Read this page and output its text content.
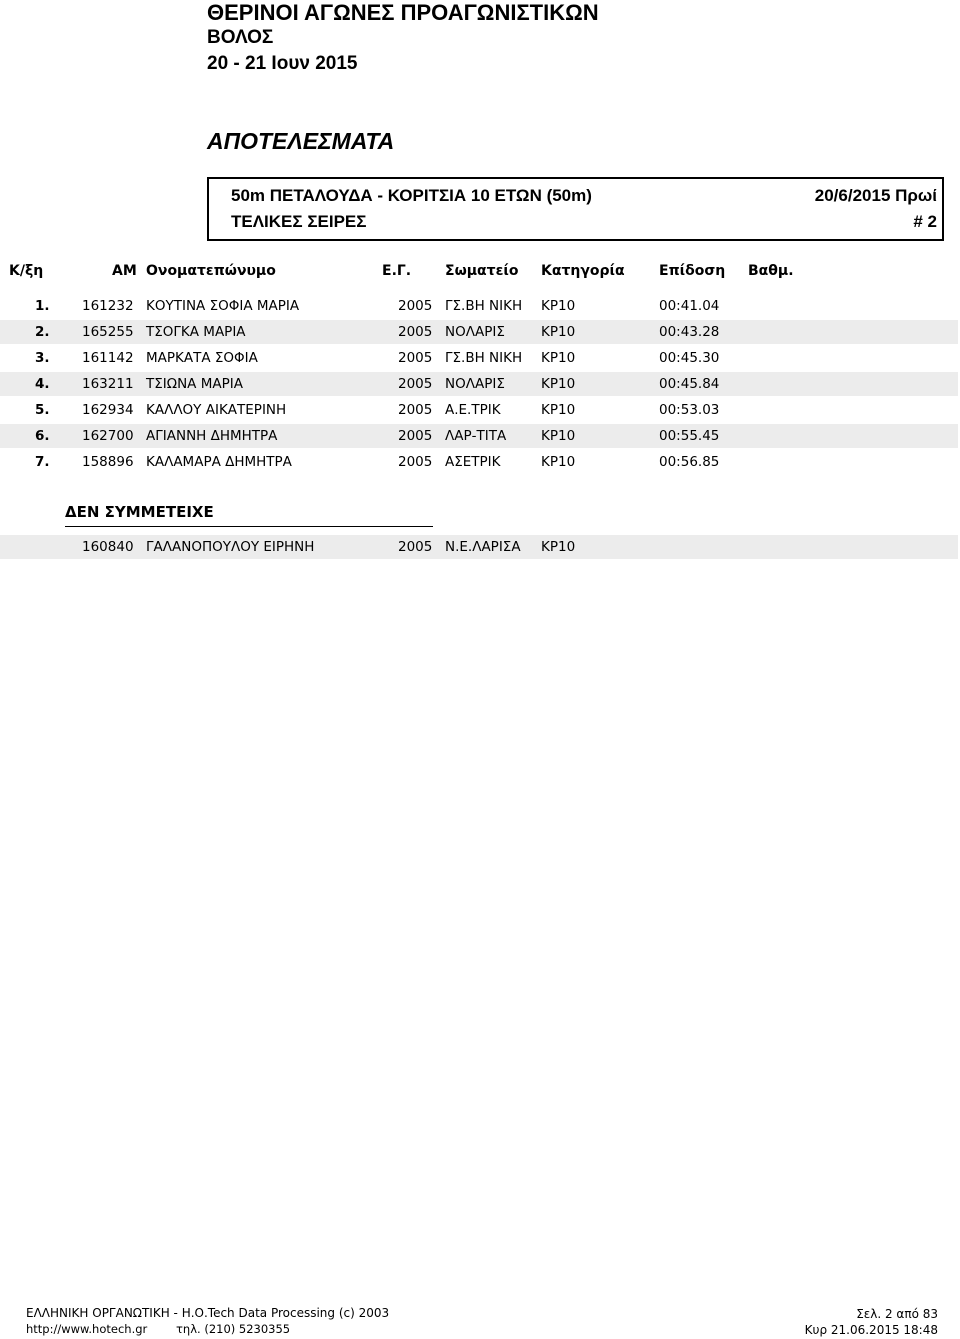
ΘΕΡΙΝΟΙ ΑΓΩΝΕΣ ΠΡΟΑΓΩΝΙΣΤΙΚΩΝ
ΒΟΛΟΣ
20 - 21 Ιουν 2015
ΑΠΟΤΕΛΕΣΜΑΤΑ
50m ΠΕΤΑΛΟΥΔΑ - ΚΟΡΙΤΣΙΑ 10 ΕΤΩΝ (50m)
ΤΕΛΙΚΕΣ ΣΕΙΡΕΣ
20/6/2015 Πρωί
# 2
Κ/ξη	ΑΜ Ονοματεπώνυμο	Ε.Γ. Σωματείο Κατηγορία Επίδοση Βαθμ.
1. 161232 ΚΟΥΤΙΝΑ ΣΟΦΙΑ ΜΑΡΙΑ	2005 ΓΣ.ΒΗ ΝΙΚΗ ΚΡ10	00:41.04
2. 165255 ΤΣΟΓΚΑ ΜΑΡΙΑ	2005 ΝΟΛΑΡΙΣ	ΚΡ10	00:43.28
3. 161142 ΜΑΡΚΑΤΑ ΣΟΦΙΑ	2005 ΓΣ.ΒΗ ΝΙΚΗ ΚΡ10	00:45.30
4. 163211 ΤΣΙΩΝΑ ΜΑΡΙΑ	2005 ΝΟΛΑΡΙΣ	ΚΡ10	00:45.84
5. 162934 ΚΑΛΛΟΥ ΑΙΚΑΤΕΡΙΝΗ	2005 Α.Ε.ΤΡΙΚ	ΚΡ10	00:53.03
6. 162700 ΑΓΙΑΝΝΗ ΔΗΜΗΤΡΑ	2005 ΛΑΡ-ΤΙΤΑ	ΚΡ10	00:55.45
7. 158896 ΚΑΛΑΜΑΡΑ ΔΗΜΗΤΡΑ	2005 ΑΣΕΤΡΙΚ	ΚΡ10	00:56.85
ΔΕΝ ΣΥΜΜΕΤΕΙΧΕ
160840 ΓΑΛΑΝΟΠΟΥΛΟΥ ΕΙΡΗΝΗ	2005 Ν.Ε.ΛΑΡΙΣΑ ΚΡ10
ΕΛΛΗΝΙΚΗ ΟΡΓΑΝΩΤΙΚΗ - Η.Ο.Tech Data Processing (c) 2003
http://www.hotech.gr	τηλ. (210) 5230355
Σελ. 2 από 83
Κυρ 21.06.2015 18:48
